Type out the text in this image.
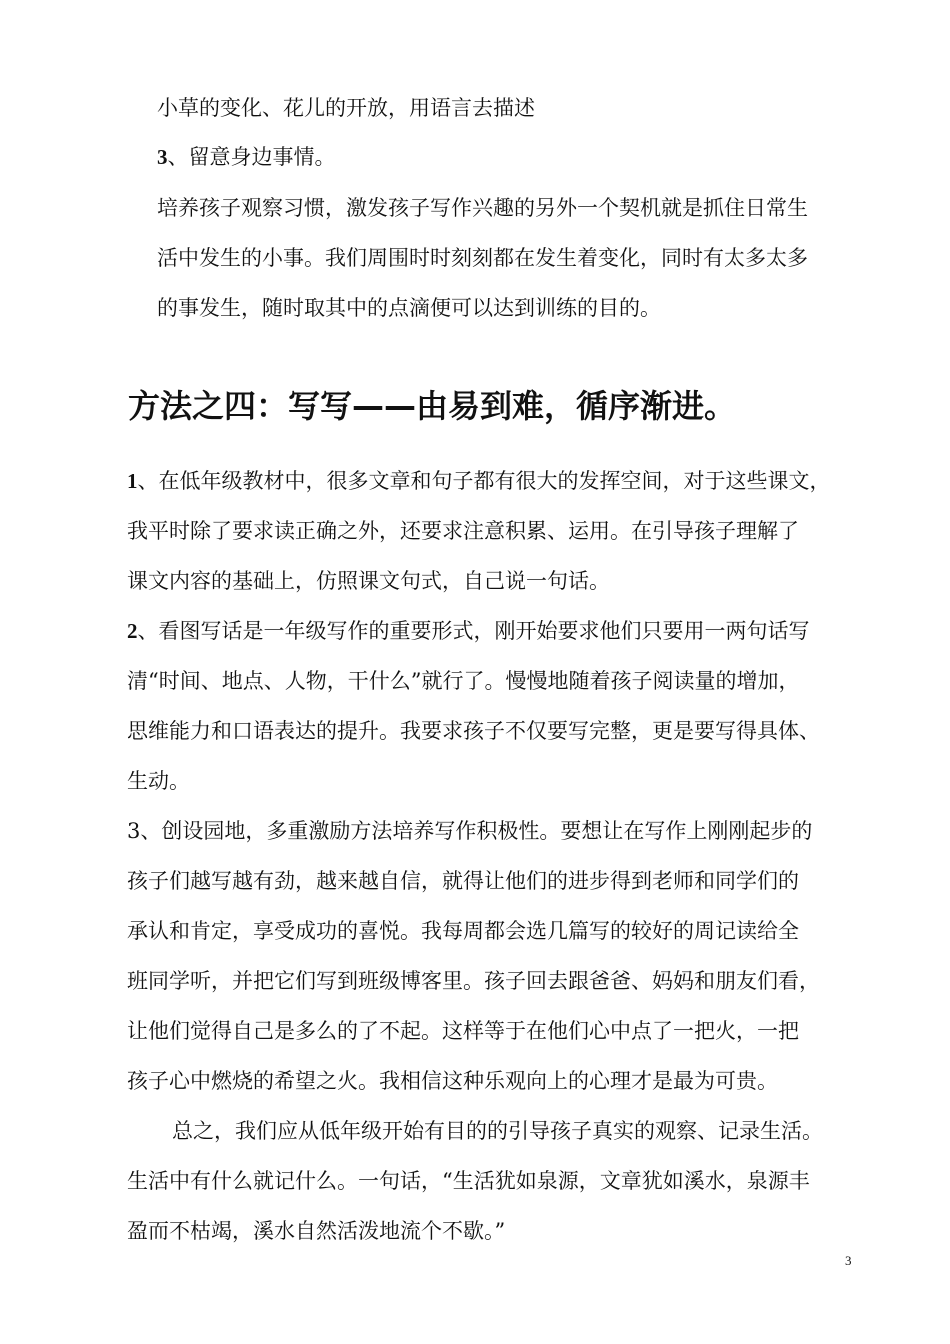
小草的变化、花儿的开放，用语言去描述
3、留意身边事情。
培养孩子观察习惯，激发孩子写作兴趣的另外一个契机就是抓住日常生
活中发生的小事。我们周围时时刻刻都在发生着变化，同时有太多太多
的事发生，随时取其中的点滴便可以达到训练的目的。
方法之四：写写——由易到难，循序渐进。
1、在低年级教材中，很多文章和句子都有很大的发挥空间，对于这些课文，
我平时除了要求读正确之外，还要求注意积累、运用。在引导孩子理解了
课文内容的基础上，仿照课文句式，自己说一句话。
2、看图写话是一年级写作的重要形式，刚开始要求他们只要用一两句话写
清“时间、地点、人物，干什么”就行了。慢慢地随着孩子阅读量的增加，
思维能力和口语表达的提升。我要求孩子不仅要写完整，更是要写得具体、
生动。
3、创设园地，多重激励方法培养写作积极性。要想让在写作上刚刚起步的
孩子们越写越有劲，越来越自信，就得让他们的进步得到老师和同学们的
承认和肯定，享受成功的喜悦。我每周都会选几篇写的较好的周记读给全
班同学听，并把它们写到班级博客里。孩子回去跟爸爸、妈妈和朋友们看，
让他们觉得自己是多么的了不起。这样等于在他们心中点了一把火，一把
孩子心中燃烧的希望之火。我相信这种乐观向上的心理才是最为可贵。
总之，我们应从低年级开始有目的的引导孩子真实的观察、记录生活。
生活中有什么就记什么。一句话，“生活犹如泉源，文章犹如溪水，泉源丰
盈而不枯竭，溪水自然活泼地流个不歇。”
3
